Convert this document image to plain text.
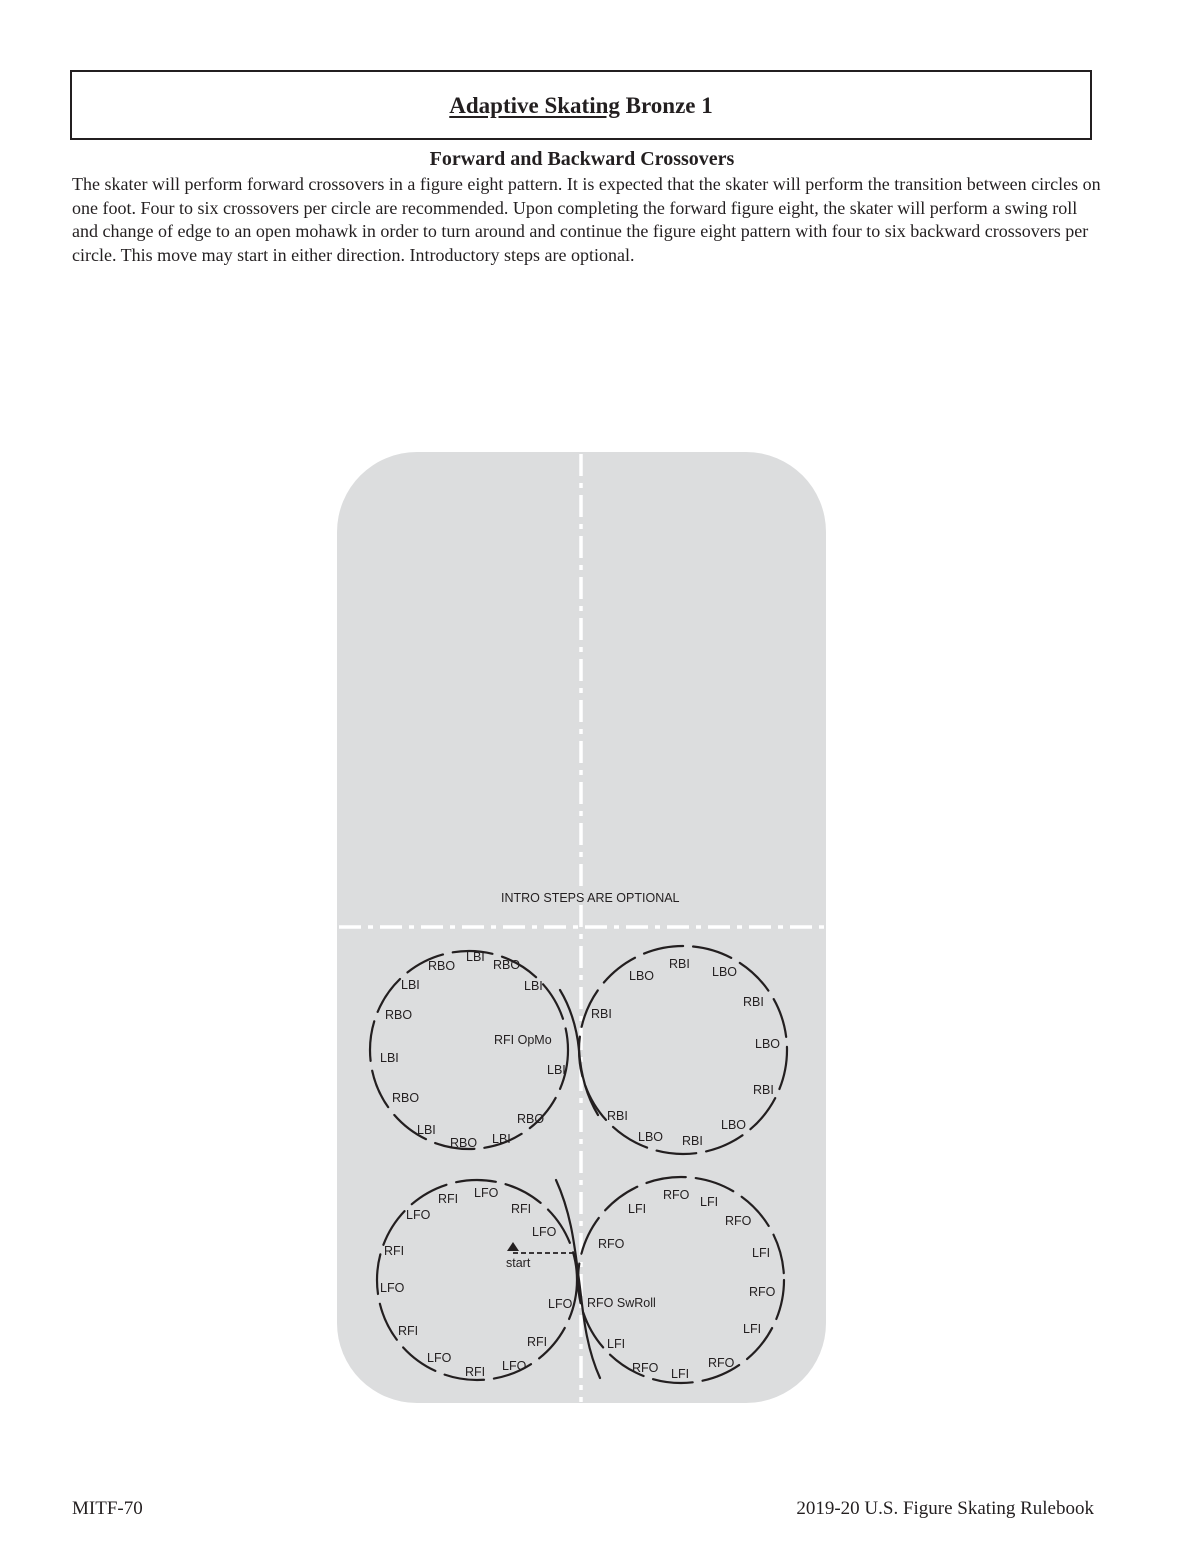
Adaptive Skating Bronze 1
Forward and Backward Crossovers

The skater will perform forward crossovers in a figure eight pattern. It is expected that the skater will perform the transition between circles on one foot. Four to six crossovers per circle are recommended. Upon completing the forward figure eight, the skater will perform a swing roll and change of edge to an open mohawk in order to turn around and continue the figure eight pattern with four to six backward crossovers per circle. This move may start in either direction. Introductory steps are optional.

INTRO STEPS ARE OPTIONAL
start
RFI OpMo
LBI
RBO	RBO
LBI	LBI
RBO
LBI
RBO
LBI
LBI
RBO
LBI
RBO
RBI
LBO	LBO
RBI
RBI
LBO
RBI
LBO
RBI
LBO RBI
LFO
RFI
RFI
LFO
LFO
RFI
LFO
RFI
LFO
RFI
LFO
RFI LFO
RFO SwRoll
RFO LFI
LFI
RFO
RFO
LFI
RFO
LFI
RFO
LFI
RFO LFI
MITF-70	2019-20 U.S. Figure Skating Rulebook
